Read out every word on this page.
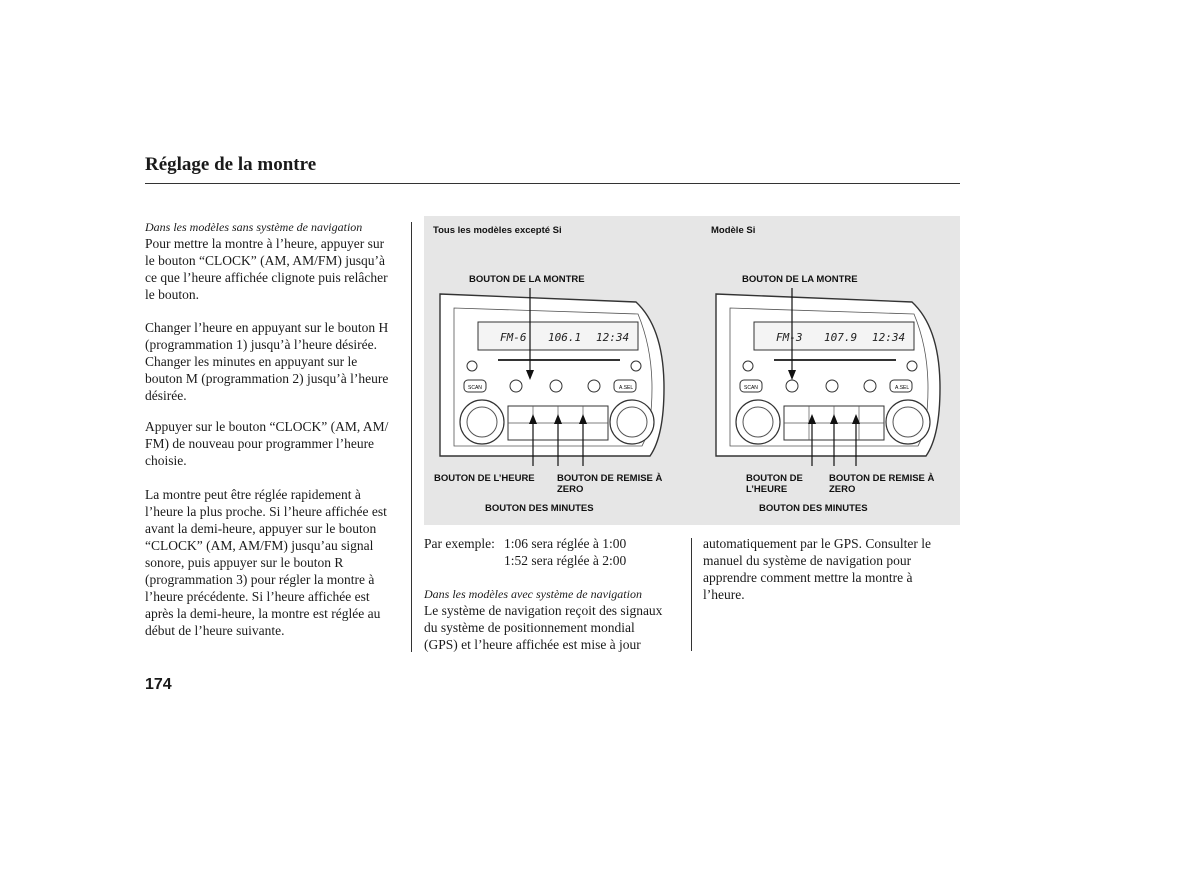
Réglage de la montre
Dans les modèles sans système de navigation
Pour mettre la montre à l’heure, appuyer sur
le bouton “CLOCK” (AM, AM/FM) jusqu’à
ce que l’heure affichée clignote puis relâcher
le bouton.
Changer l’heure en appuyant sur le bouton H
(programmation 1) jusqu’à l’heure désirée.
Changer les minutes en appuyant sur le
bouton M (programmation 2) jusqu’à l’heure
désirée.
Appuyer sur le bouton “CLOCK” (AM, AM/
FM) de nouveau pour programmer l’heure
choisie.
La montre peut être réglée rapidement à
l’heure la plus proche. Si l’heure affichée est
avant la demi-heure, appuyer sur le bouton
“CLOCK” (AM, AM/FM) jusqu’au signal
sonore, puis appuyer sur le bouton R
(programmation 3) pour régler la montre à
l’heure précédente. Si l’heure affichée est
après la demi-heure, la montre est réglée au
début de l’heure suivante.
Tous les modèles excepté Si	Modèle Si
BOUTON DE LA MONTRE
BOUTON DE L’HEURE BOUTON DE REMISE À
ZERO
BOUTON DES MINUTES
BOUTON DE LA MONTRE
BOUTON DE
L’HEURE
BOUTON DE REMISE À
ZERO
BOUTON DES MINUTES
FM-6 106.1 12:34
SCAN	A.SEL
FM-3 107.9 12:34
SCAN	A.SEL
Par exemple: 1:06 sera réglée à 1:00
1:52 sera réglée à 2:00
Dans les modèles avec système de navigation
Le système de navigation reçoit des signaux
du système de positionnement mondial
(GPS) et l’heure affichée est mise à jour
automatiquement par le GPS. Consulter le
manuel du système de navigation pour
apprendre comment mettre la montre à
l’heure.
174
